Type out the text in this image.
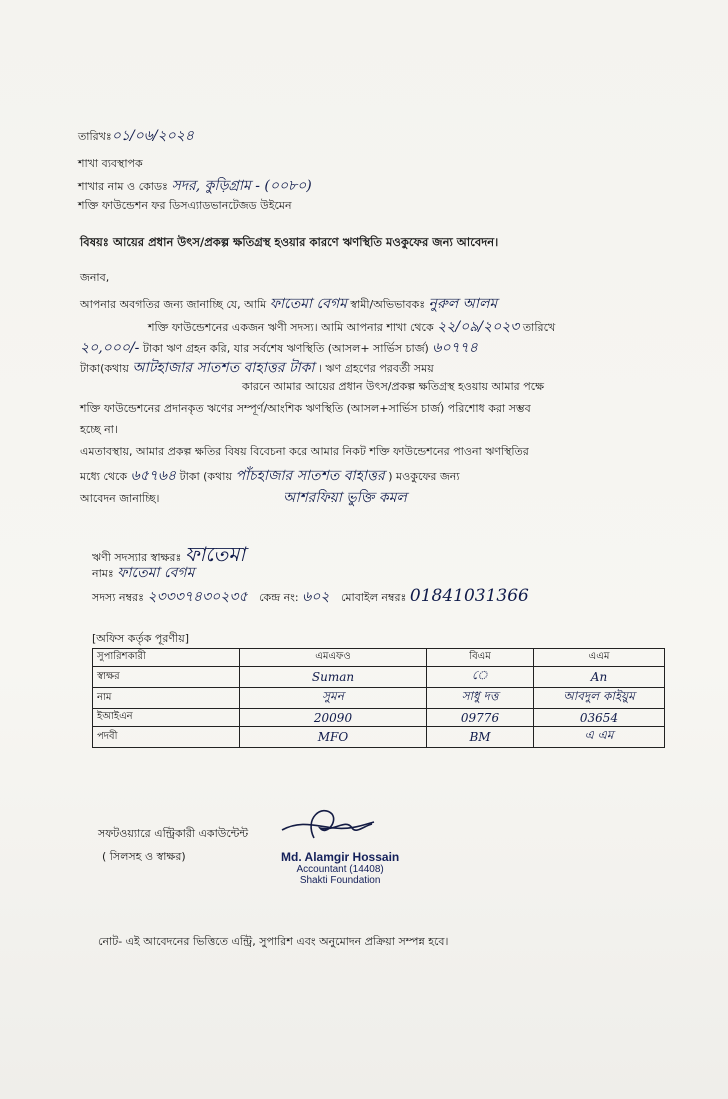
তারিখঃ০১/০৬/২০২৪
শাখা ব্যবস্থাপক
শাখার নাম ও কোডঃ সদর, কুড়িগ্রাম - (০০৮০)
শক্তি ফাউন্ডেশন ফর ডিসএ্যাডভানটেজড উইমেন
বিষয়ঃ আয়ের প্রধান উৎস/প্রকল্প ক্ষতিগ্রস্থ হওয়ার কারণে ঋণস্থিতি মওকুফের জন্য আবেদন।
জনাব,
আপনার অবগতির জন্য জানাচ্ছি যে, আমি ফাতেমা বেগম স্বামী/অভিভাবকঃ নুরুল আলম
শক্তি ফাউন্ডেশনের একজন ঋণী সদস্য। আমি আপনার শাখা থেকে ২২/০৯/২০২৩ তারিখে
২০,০০০/- টাকা ঋণ গ্রহন করি, যার সর্বশেষ ঋণস্থিতি (আসল+ সার্ভিস চার্জ) ৬০৭৭৪
টাকা(কথায় আটহাজার সাতশত বাহাত্তর টাকা । ঋণ গ্রহণের পরবর্তী সময়
কারনে আমার আয়ের প্রধান উৎস/প্রকল্প ক্ষতিগ্রস্থ হওয়ায় আমার পক্ষে
শক্তি ফাউন্ডেশনের প্রদানকৃত ঋণের সম্পূর্ণ/আংশিক ঋণস্থিতি (আসল+সার্ভিস চার্জ) পরিশোধ করা সম্ভব
হচ্ছে না।
এমতাবস্থায়, আমার প্রকল্প ক্ষতির বিষয় বিবেচনা করে আমার নিকট শক্তি ফাউন্ডেশনের পাওনা ঋণস্থিতির
মধ্যে থেকে ৬৫৭৬৪ টাকা (কথায় পাঁচহাজার সাতশত বাহাত্তর ) মওকুফের জন্য
আবেদন জানাচ্ছি।	আশরফিয়া ভুক্তি কমল
ঋণী সদস্যার স্বাক্ষরঃ ফাতেমা
নামঃ ফাতেমা বেগম
সদস্য নম্বরঃ ২৩৩৩৭৪৩০২৩৫ কেন্দ্র নং: ৬০২ মোবাইল নম্বরঃ 01841031366
[অফিস কর্তৃক পূরণীয়]
সুপারিশকারী	এমএফও	বিএম	এএম
স্বাক্ষর	Suman	ে	An
নাম	সুমন	সাধু দত্ত	আবদুল কাইয়ুম
ইআইএন	20090	09776	03654
পদবী	MFO	BM	এ এম
সফটওয়্যারে এন্ট্রিকারী একাউন্টেন্ট
( সিলসহ ও স্বাক্ষর)	Md. Alamgir Hossain
Accountant (14408)
Shakti Foundation
নোট- এই আবেদনের ভিত্তিতে এন্ট্রি, সুপারিশ এবং অনুমোদন প্রক্রিয়া সম্পন্ন হবে।
